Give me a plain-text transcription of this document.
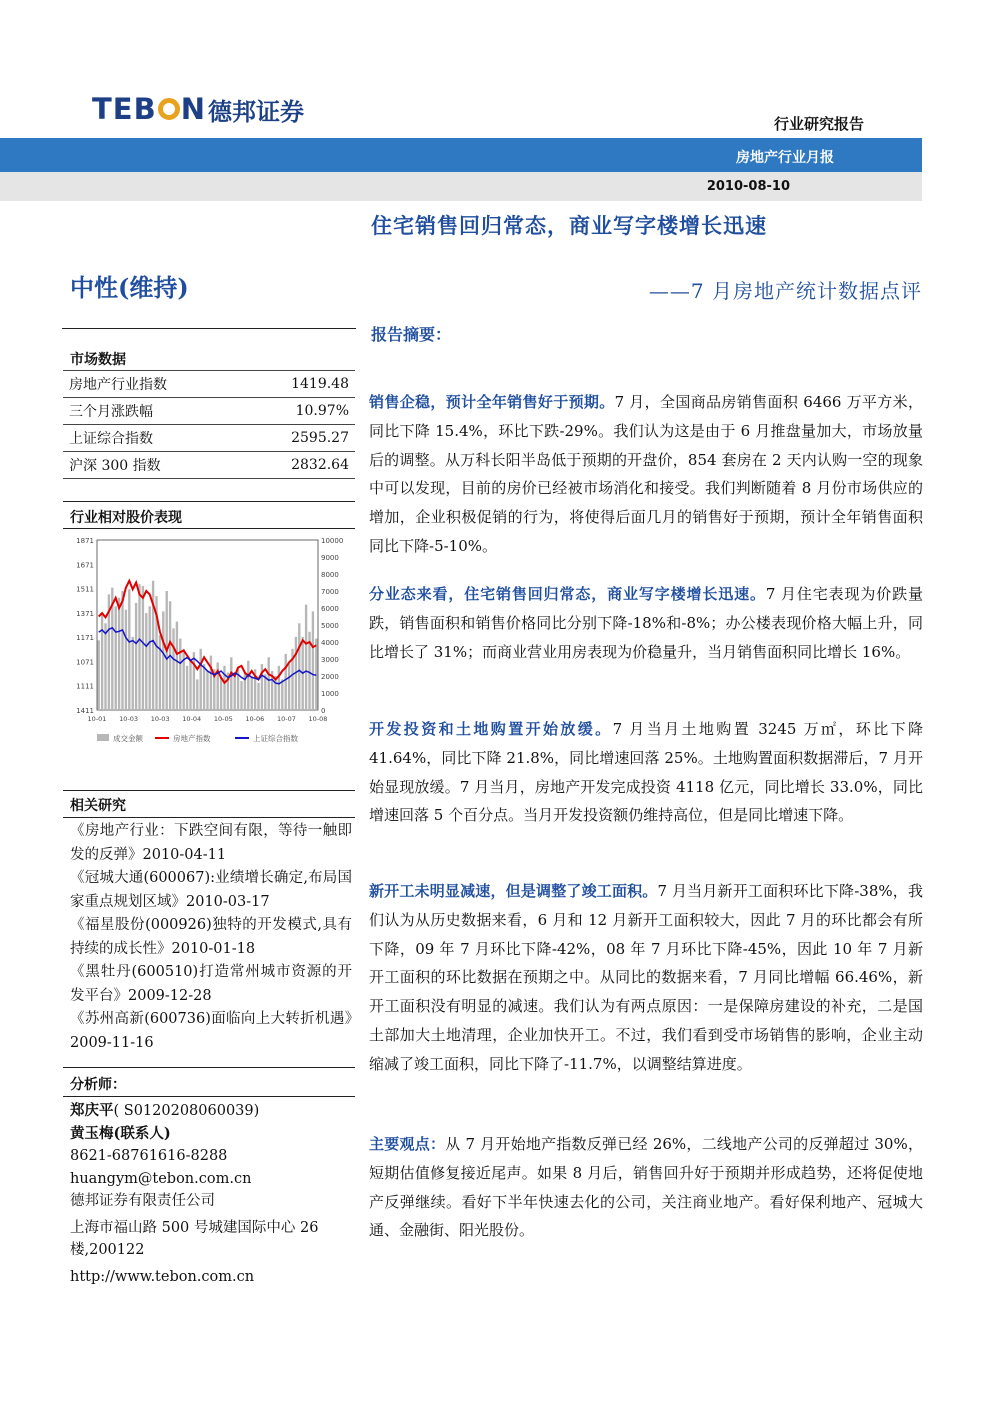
TEB N 德邦证券	行业研究报告
房地产行业月报
2010-08-10
住宅销售回归常态，商业写字楼增长迅速
中性(维持)	——7 月房地产统计数据点评
市场数据
房地产行业指数	1419.48
三个月涨跌幅	10.97%
上证综合指数	2595.27
沪深 300 指数	2832.64
行业相对股价表现
1871
1671
1511
1371
1171
1071
1111
1411
10000
9000
8000
7000
6000
5000
4000
3000
2000
1000
0
10-01 10-03 10-03 10-04 10-05 10-06 10-07 10-08
成交金额	房地产指数	上证综合指数
相关研究
《房地产行业：下跌空间有限，等待一触即发的反弹》2010-04-11
《冠城大通(600067):业绩增长确定,布局国家重点规划区域》2010-03-17
《福星股份(000926)独特的开发模式,具有持续的成长性》2010-01-18
《黑牡丹(600510)打造常州城市资源的开发平台》2009-12-28
《苏州高新(600736)面临向上大转折机遇》2009-11-16
分析师：
郑庆平( S0120208060039)
黄玉梅(联系人)
8621-68761616-8288
huangym@tebon.com.cn
德邦证券有限责任公司
上海市福山路 500 号城建国际中心 26 楼,200122
http://www.tebon.com.cn
报告摘要：
销售企稳，预计全年销售好于预期。7 月，全国商品房销售面积 6466 万平方米，同比下降 15.4%，环比下跌-29%。我们认为这是由于 6 月推盘量加大，市场放量后的调整。从万科长阳半岛低于预期的开盘价，854 套房在 2 天内认购一空的现象中可以发现，目前的房价已经被市场消化和接受。我们判断随着 8 月份市场供应的增加，企业积极促销的行为，将使得后面几月的销售好于预期，预计全年销售面积同比下降-5-10%。
分业态来看，住宅销售回归常态，商业写字楼增长迅速。7 月住宅表现为价跌量跌，销售面积和销售价格同比分别下降-18%和-8%；办公楼表现价格大幅上升，同比增长了 31%；而商业营业用房表现为价稳量升，当月销售面积同比增长 16%。
开发投资和土地购置开始放缓。7 月当月土地购置 3245 万㎡，环比下降 41.64%，同比下降 21.8%，同比增速回落 25%。土地购置面积数据滞后，7 月开始显现放缓。7 月当月，房地产开发完成投资 4118 亿元，同比增长 33.0%，同比增速回落 5 个百分点。当月开发投资额仍维持高位，但是同比增速下降。
新开工未明显减速，但是调整了竣工面积。7 月当月新开工面积环比下降-38%，我们认为从历史数据来看，6 月和 12 月新开工面积较大，因此 7 月的环比都会有所下降，09 年 7 月环比下降-42%，08 年 7 月环比下降-45%，因此 10 年 7 月新开工面积的环比数据在预期之中。从同比的数据来看，7 月同比增幅 66.46%，新开工面积没有明显的减速。我们认为有两点原因：一是保障房建设的补充，二是国土部加大土地清理，企业加快开工。不过，我们看到受市场销售的影响，企业主动缩减了竣工面积，同比下降了-11.7%，以调整结算进度。
主要观点：从 7 月开始地产指数反弹已经 26%，二线地产公司的反弹超过 30%，短期估值修复接近尾声。如果 8 月后，销售回升好于预期并形成趋势，还将促使地产反弹继续。看好下半年快速去化的公司，关注商业地产。看好保利地产、冠城大通、金融街、阳光股份。
